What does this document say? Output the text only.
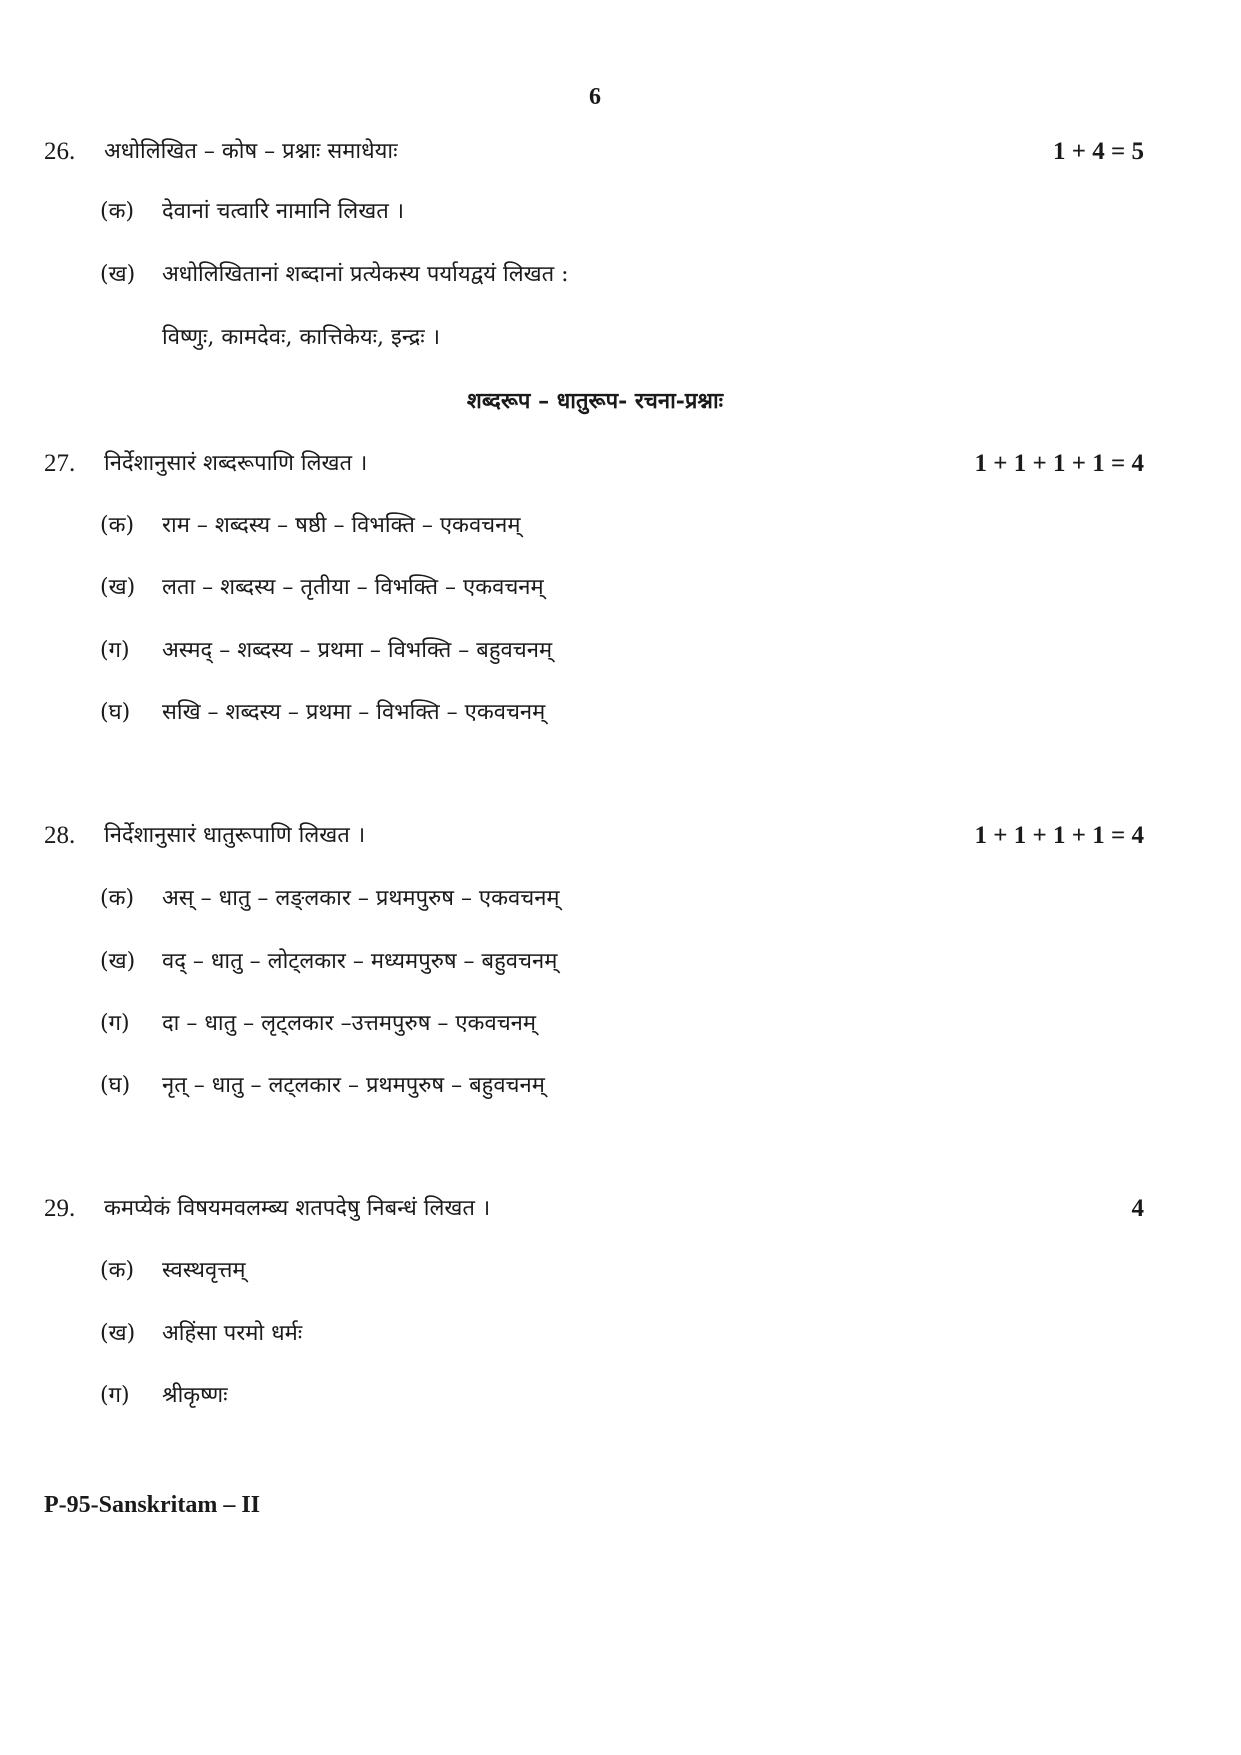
6
26. अधोलिखित – कोष – प्रश्नाः समाधेयाः	1 + 4 = 5
(क) देवानां चत्वारि नामानि लिखत ।
(ख) अधोलिखितानां शब्दानां प्रत्येकस्य पर्यायद्वयं लिखत :
विष्णुः, कामदेवः, कात्तिकेयः, इन्द्रः ।
शब्दरूप – धातुरूप- रचना-प्रश्नाः
27. निर्देशानुसारं शब्दरूपाणि लिखत ।	1 + 1 + 1 + 1 = 4
(क) राम – शब्दस्य – षष्ठी – विभक्ति – एकवचनम्
(ख) लता – शब्दस्य – तृतीया – विभक्ति – एकवचनम्
(ग) अस्मद् – शब्दस्य – प्रथमा – विभक्ति – बहुवचनम्
(घ) सखि – शब्दस्य – प्रथमा – विभक्ति – एकवचनम्
28. निर्देशानुसारं धातुरूपाणि लिखत ।	1 + 1 + 1 + 1 = 4
(क) अस् – धातु – लङ्लकार – प्रथमपुरुष – एकवचनम्
(ख) वद् – धातु – लोट्लकार – मध्यमपुरुष – बहुवचनम्
(ग) दा – धातु – लृट्लकार –उत्तमपुरुष – एकवचनम्
(घ) नृत् – धातु – लट्लकार – प्रथमपुरुष – बहुवचनम्
29. कमप्येकं विषयमवलम्ब्य शतपदेषु निबन्धं लिखत ।	4
(क) स्वस्थवृत्तम्
(ख) अहिंसा परमो धर्मः
(ग) श्रीकृष्णः
P-95-Sanskritam – II
